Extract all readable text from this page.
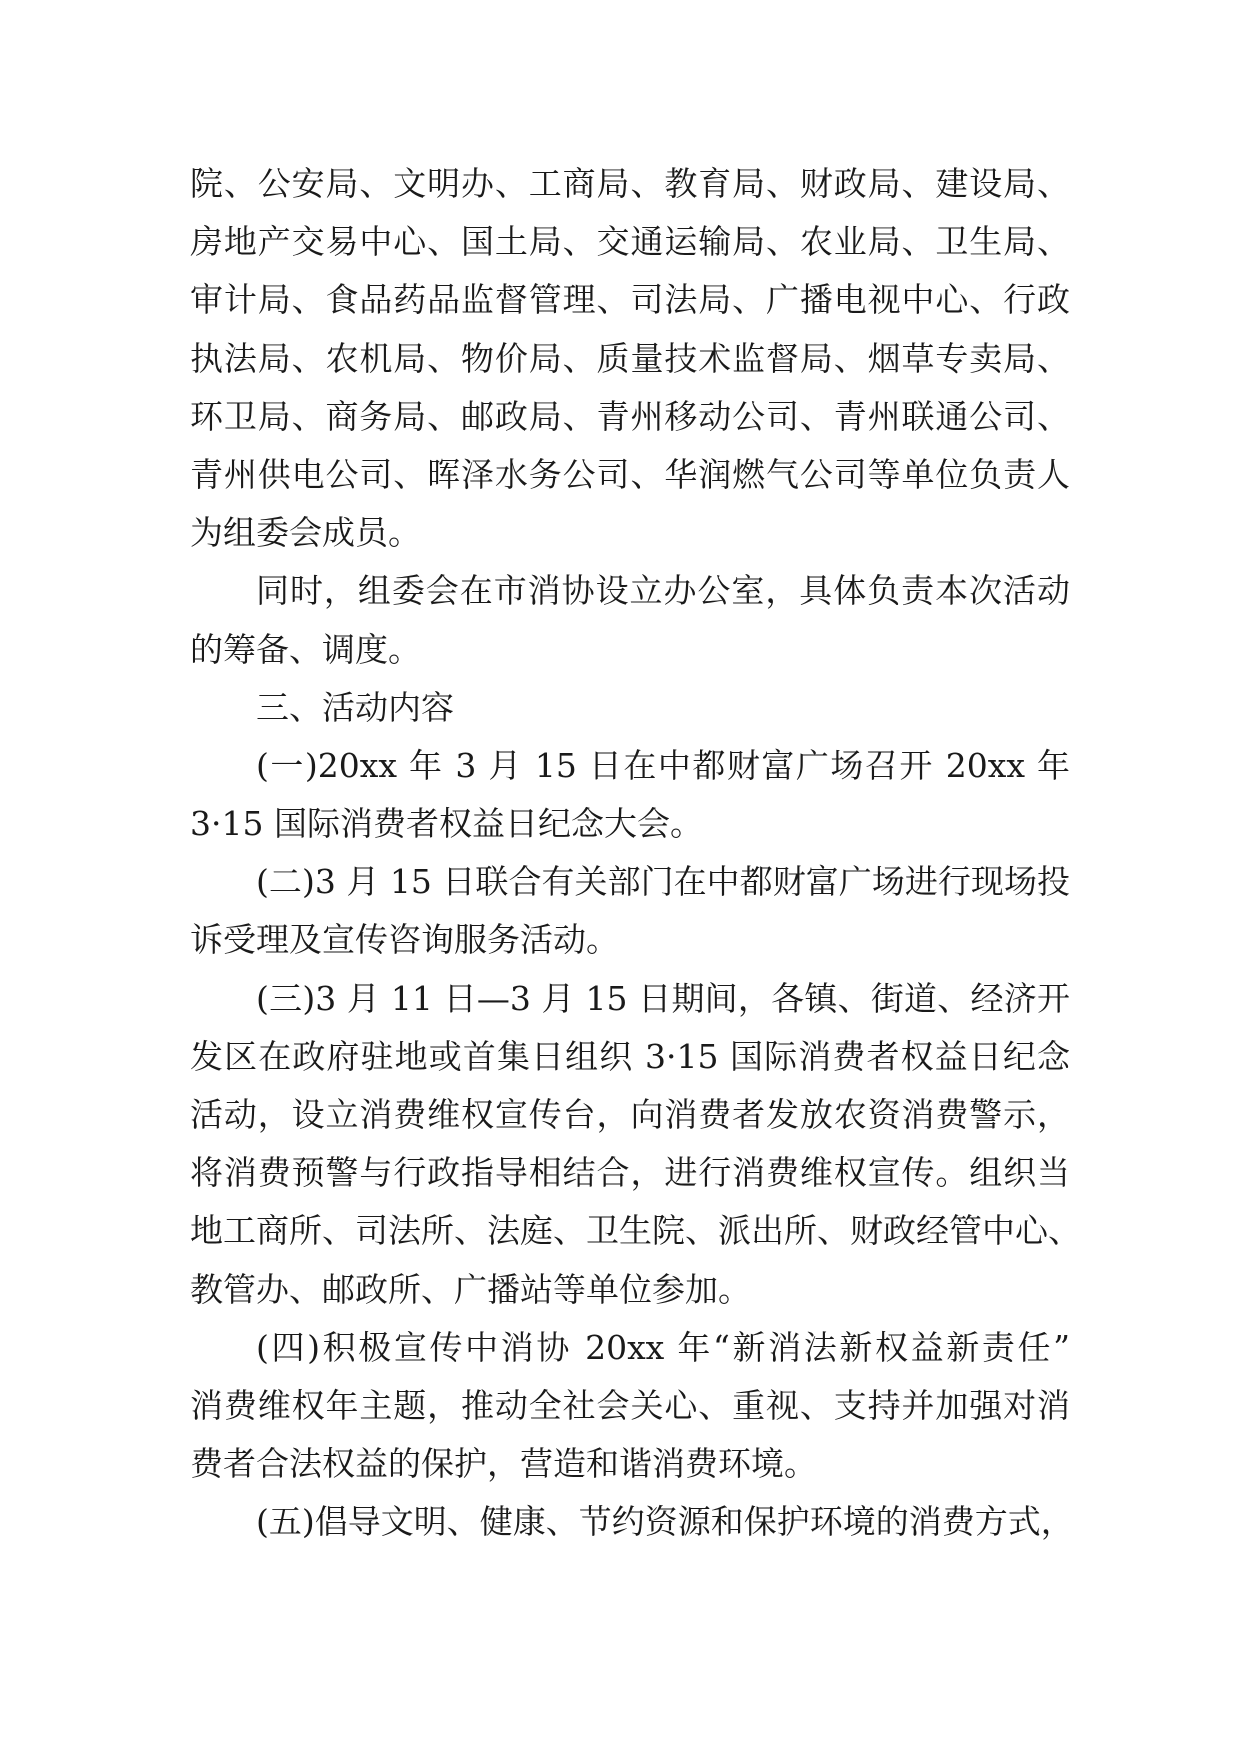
院、公安局、文明办、工商局、教育局、财政局、建设局、
房地产交易中心、国土局、交通运输局、农业局、卫生局、
审计局、食品药品监督管理、司法局、广播电视中心、行政
执法局、农机局、物价局、质量技术监督局、烟草专卖局、
环卫局、商务局、邮政局、青州移动公司、青州联通公司、
青州供电公司、晖泽水务公司、华润燃气公司等单位负责人
为组委会成员。
同时，组委会在市消协设立办公室，具体负责本次活动
的筹备、调度。
三、活动内容
(一)20xx 年 3 月 15 日在中都财富广场召开 20xx 年
3·15 国际消费者权益日纪念大会。
(二)3 月 15 日联合有关部门在中都财富广场进行现场投
诉受理及宣传咨询服务活动。
(三)3 月 11 日—3 月 15 日期间，各镇、街道、经济开
发区在政府驻地或首集日组织 3·15 国际消费者权益日纪念
活动，设立消费维权宣传台，向消费者发放农资消费警示，
将消费预警与行政指导相结合，进行消费维权宣传。组织当
地工商所、司法所、法庭、卫生院、派出所、财政经管中心、
教管办、邮政所、广播站等单位参加。
(四)积极宣传中消协 20xx 年“新消法新权益新责任”
消费维权年主题，推动全社会关心、重视、支持并加强对消
费者合法权益的保护，营造和谐消费环境。
(五)倡导文明、健康、节约资源和保护环境的消费方式，
